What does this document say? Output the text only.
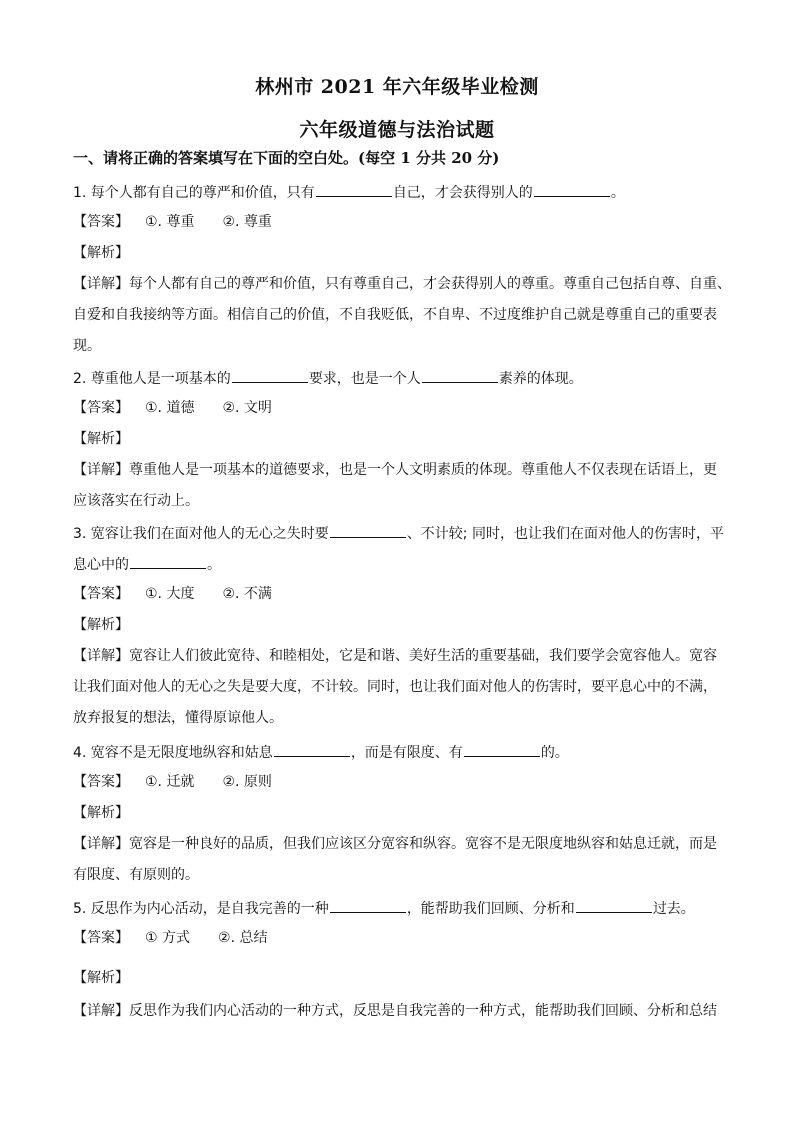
林州市 2021 年六年级毕业检测
六年级道德与法治试题
一、请将正确的答案填写在下面的空白处。(每空 1 分共 20 分)
1. 每个人都有自己的尊严和价值，只有	自己，才会获得别人的	。
【答案】 ①. 尊重 ②. 尊重
【解析】
【详解】每个人都有自己的尊严和价值，只有尊重自己，才会获得别人的尊重。尊重自己包括自尊、自重、
自爱和自我接纳等方面。相信自己的价值，不自我贬低，不自卑、不过度维护自己就是尊重自己的重要表
现。
2. 尊重他人是一项基本的	要求，也是一个人	素养的体现。
【答案】 ①. 道德 ②. 文明
【解析】
【详解】尊重他人是一项基本的道德要求，也是一个人文明素质的体现。尊重他人不仅表现在话语上，更
应该落实在行动上。
3. 宽容让我们在面对他人的无心之失时要	、不计较; 同时，也让我们在面对他人的伤害时，平
息心中的	。
【答案】 ①. 大度 ②. 不满
【解析】
【详解】宽容让人们彼此宽待、和睦相处，它是和谐、美好生活的重要基础，我们要学会宽容他人。宽容
让我们面对他人的无心之失是要大度，不计较。同时，也让我们面对他人的伤害时，要平息心中的不满，
放弃报复的想法，懂得原谅他人。
4. 宽容不是无限度地纵容和姑息	，而是有限度、有	的。
【答案】 ①. 迁就 ②. 原则
【解析】
【详解】宽容是一种良好的品质，但我们应该区分宽容和纵容。宽容不是无限度地纵容和姑息迁就，而是
有限度、有原则的。
5. 反思作为内心活动，是自我完善的一种	，能帮助我们回顾、分析和	过去。
【答案】 ① 方式 ②. 总结
【解析】
【详解】反思作为我们内心活动的一种方式，反思是自我完善的一种方式，能帮助我们回顾、分析和总结
